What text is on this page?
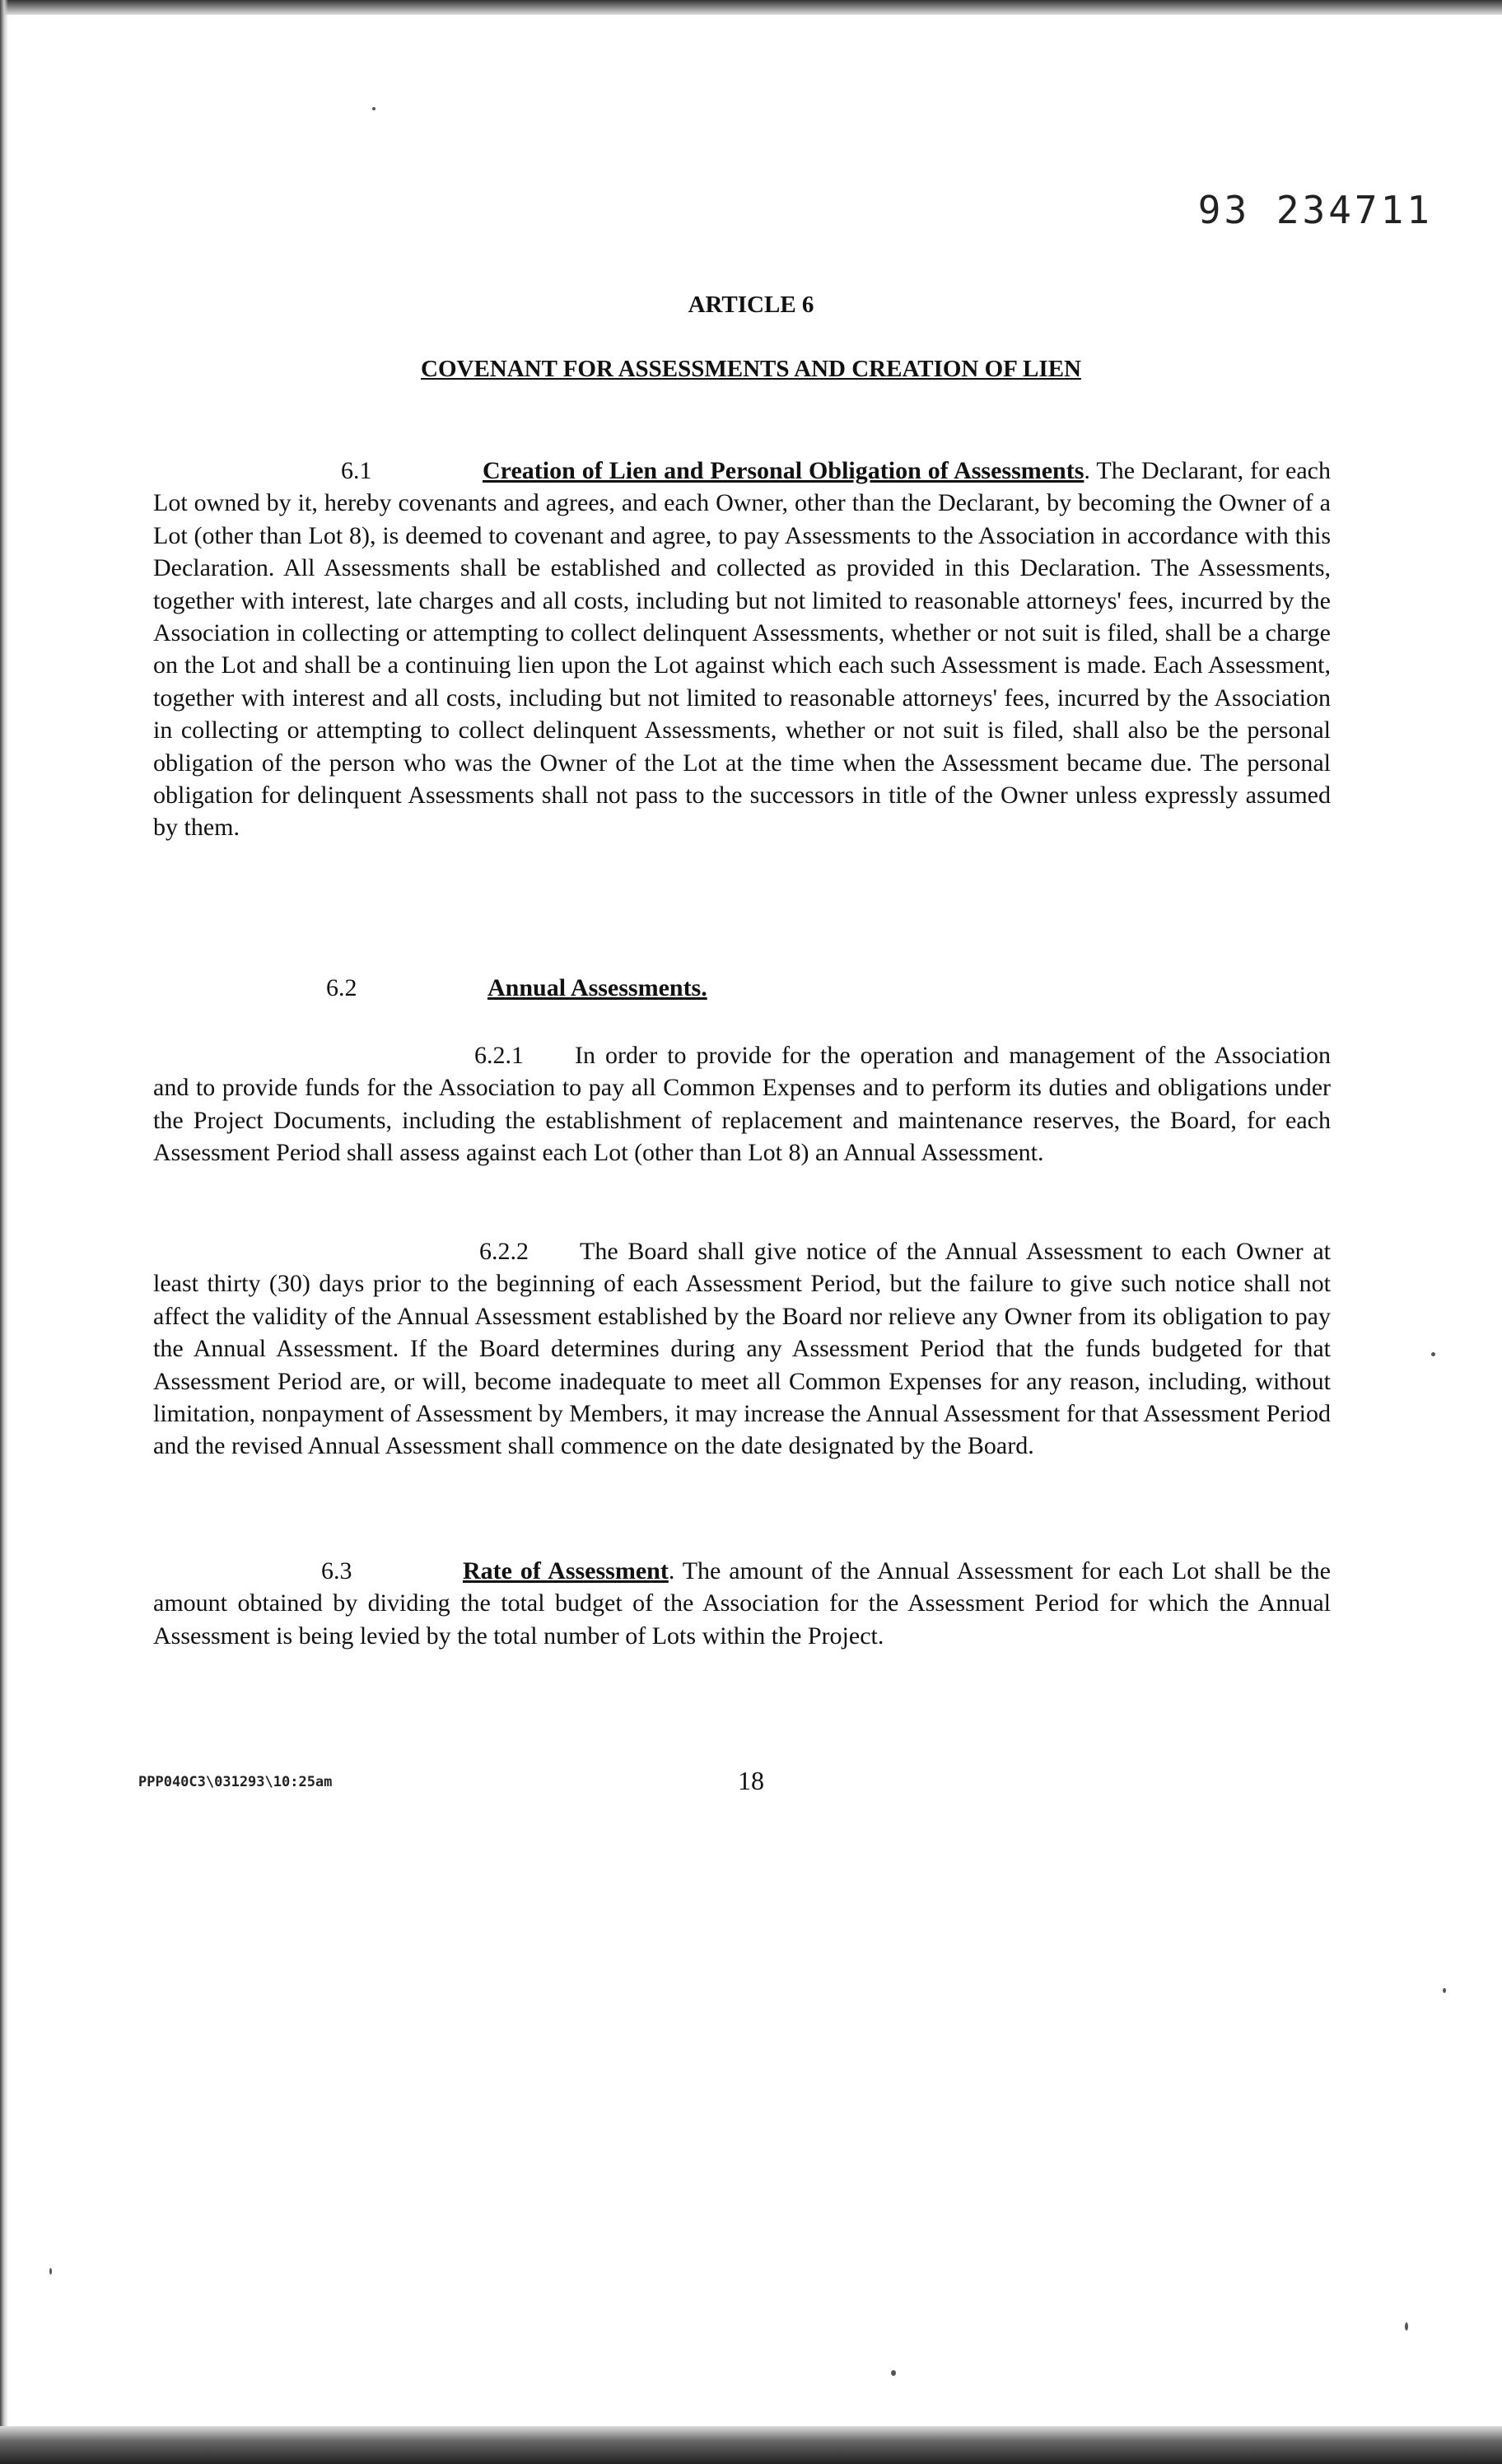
93 234711
ARTICLE 6
COVENANT FOR ASSESSMENTS AND CREATION OF LIEN
6.1	Creation of Lien and Personal Obligation of Assessments. The Declarant, for each Lot owned by it, hereby covenants and agrees, and each Owner, other than the Declarant, by becoming the Owner of a Lot (other than Lot 8), is deemed to covenant and agree, to pay Assessments to the Association in accordance with this Declaration. All Assessments shall be established and collected as provided in this Declaration. The Assessments, together with interest, late charges and all costs, including but not limited to reasonable attorneys' fees, incurred by the Association in collecting or attempting to collect delinquent Assessments, whether or not suit is filed, shall be a charge on the Lot and shall be a continuing lien upon the Lot against which each such Assessment is made. Each Assessment, together with interest and all costs, including but not limited to reasonable attorneys' fees, incurred by the Association in collecting or attempting to collect delinquent Assessments, whether or not suit is filed, shall also be the personal obligation of the person who was the Owner of the Lot at the time when the Assessment became due. The personal obligation for delinquent Assessments shall not pass to the successors in title of the Owner unless expressly assumed by them.
6.2	Annual Assessments.
6.2.1 In order to provide for the operation and management of the Association and to provide funds for the Association to pay all Common Expenses and to perform its duties and obligations under the Project Documents, including the establishment of replacement and maintenance reserves, the Board, for each Assessment Period shall assess against each Lot (other than Lot 8) an Annual Assessment.
6.2.2 The Board shall give notice of the Annual Assessment to each Owner at least thirty (30) days prior to the beginning of each Assessment Period, but the failure to give such notice shall not affect the validity of the Annual Assessment established by the Board nor relieve any Owner from its obligation to pay the Annual Assessment. If the Board determines during any Assessment Period that the funds budgeted for that Assessment Period are, or will, become inadequate to meet all Common Expenses for any reason, including, without limitation, nonpayment of Assessment by Members, it may increase the Annual Assessment for that Assessment Period and the revised Annual Assessment shall commence on the date designated by the Board.
6.3	Rate of Assessment. The amount of the Annual Assessment for each Lot shall be the amount obtained by dividing the total budget of the Association for the Assessment Period for which the Annual Assessment is being levied by the total number of Lots within the Project.
PPP040C3\031293\10:25am	18
